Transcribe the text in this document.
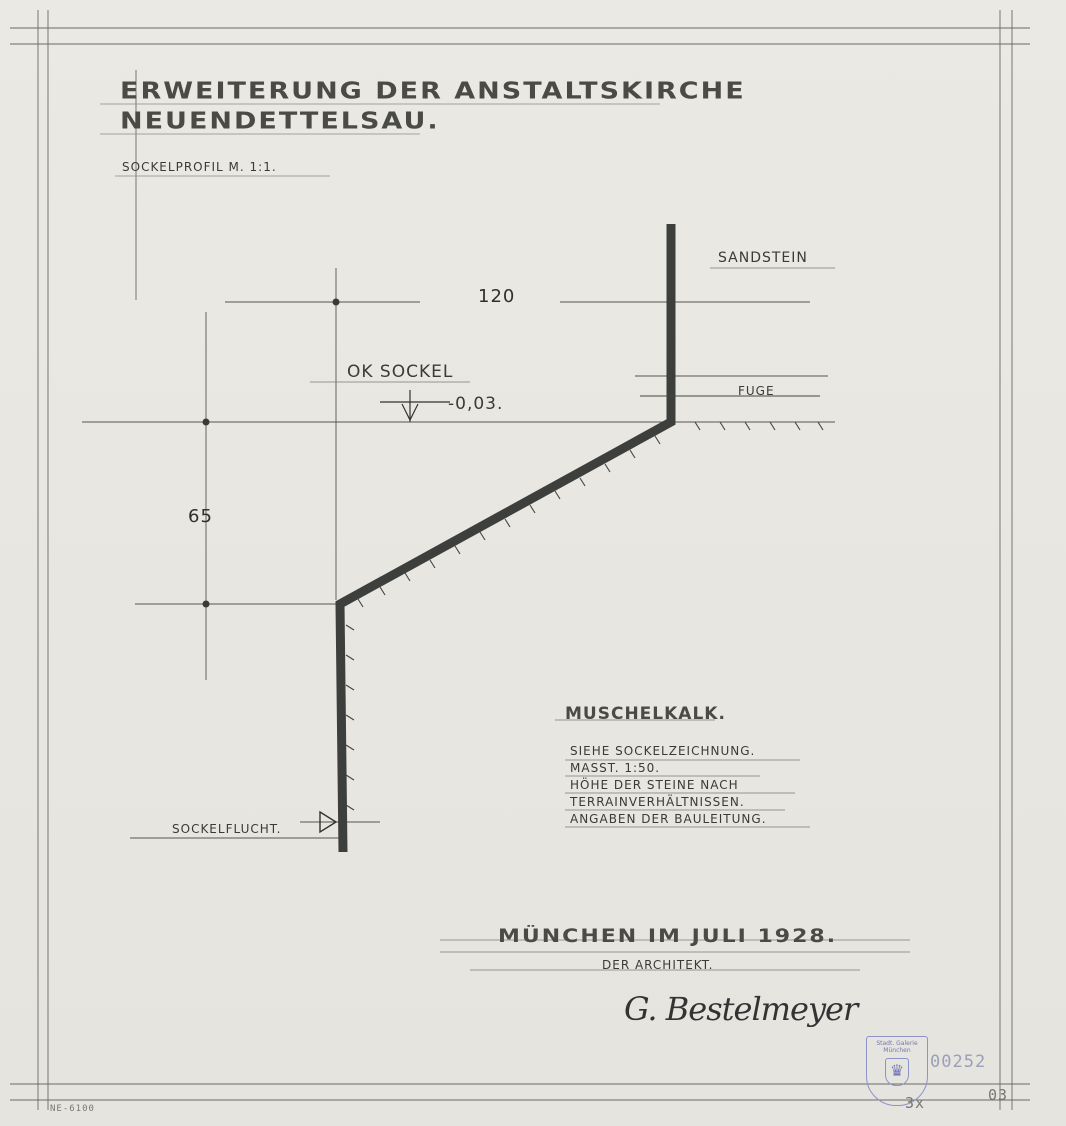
ERWEITERUNG DER ANSTALTSKIRCHE
NEUENDETTELSAU.
SOCKELPROFIL M. 1:1.
SANDSTEIN
120
OK SOCKEL
-0,03.
FUGE
65
SOCKELFLUCHT.
MUSCHELKALK.
SIEHE SOCKELZEICHNUNG.
MASST. 1:50.
HÖHE DER STEINE NACH
TERRAINVERHÄLTNISSEN.
ANGABEN DER BAULEITUNG.
MÜNCHEN IM JULI 1928.
DER ARCHITEKT.
G. Bestelmeyer
Stadt. Galerie München
♛ 00252
03
3x
NE-6100
